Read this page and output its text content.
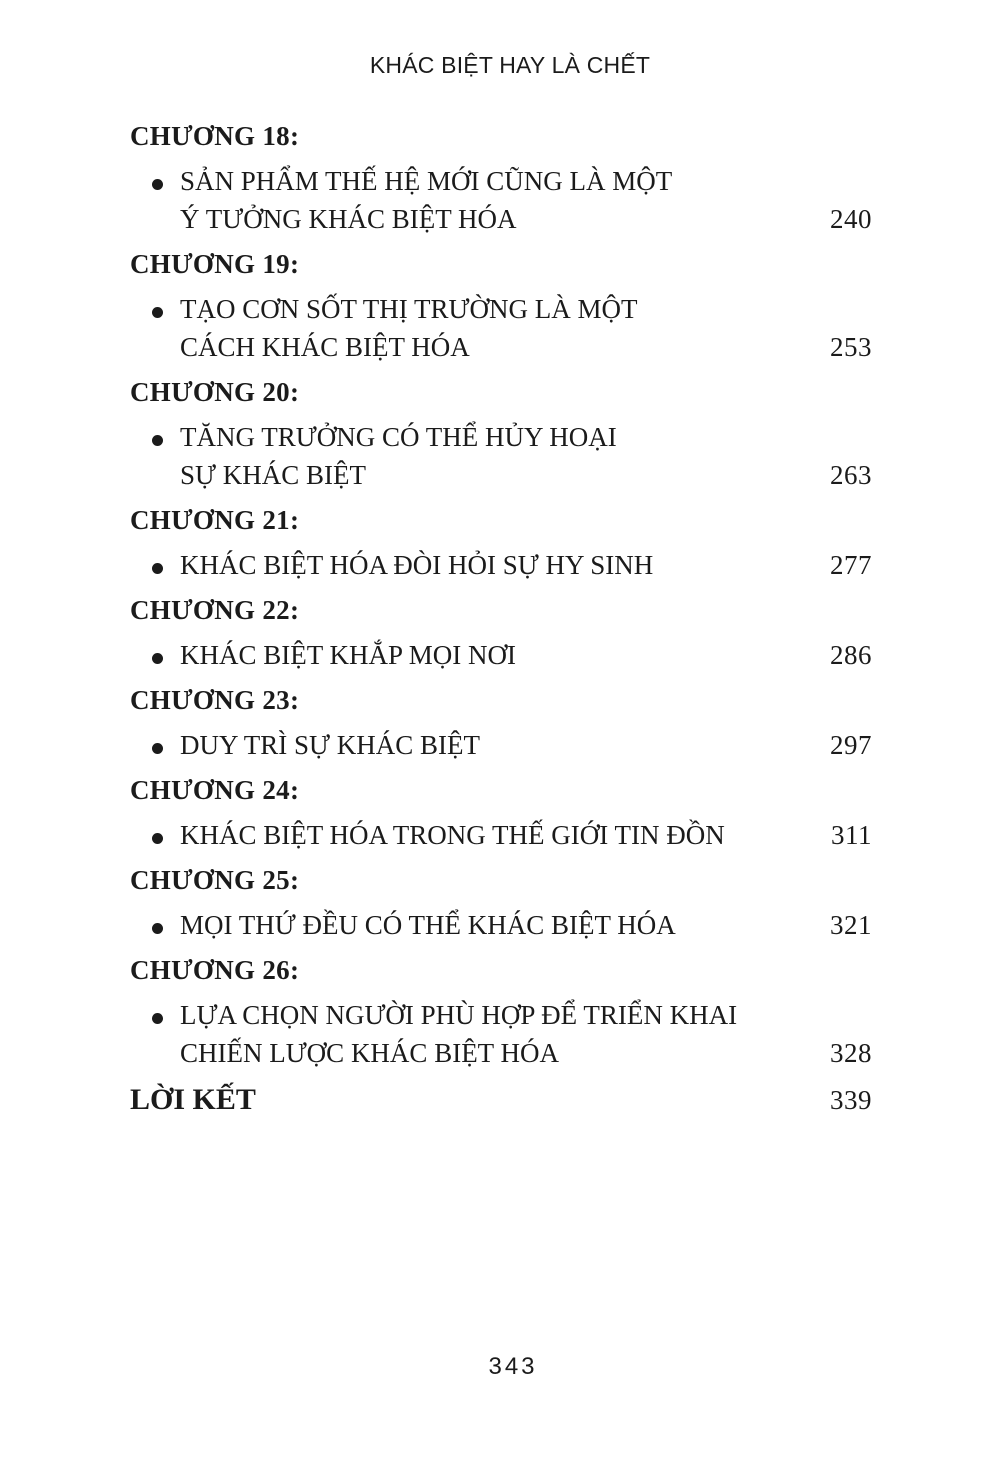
KHÁC BIỆT HAY LÀ CHẾT
CHƯƠNG 18:
SẢN PHẨM THẾ HỆ MỚI CŨNG LÀ MỘT
Ý TƯỞNG KHÁC BIỆT HÓA	240
CHƯƠNG 19:
TẠO CƠN SỐT THỊ TRƯỜNG LÀ MỘT
CÁCH KHÁC BIỆT HÓA	253
CHƯƠNG 20:
TĂNG TRƯỞNG CÓ THỂ HỦY HOẠI
SỰ KHÁC BIỆT	263
CHƯƠNG 21:
KHÁC BIỆT HÓA ĐÒI HỎI SỰ HY SINH	277
CHƯƠNG 22:
KHÁC BIỆT KHẮP MỌI NƠI	286
CHƯƠNG 23:
DUY TRÌ SỰ KHÁC BIỆT	297
CHƯƠNG 24:
KHÁC BIỆT HÓA TRONG THẾ GIỚI TIN ĐỒN	311
CHƯƠNG 25:
MỌI THỨ ĐỀU CÓ THỂ KHÁC BIỆT HÓA	321
CHƯƠNG 26:
LỰA CHỌN NGƯỜI PHÙ HỢP ĐỂ TRIỂN KHAI
CHIẾN LƯỢC KHÁC BIỆT HÓA	328
LỜI KẾT	339
343
